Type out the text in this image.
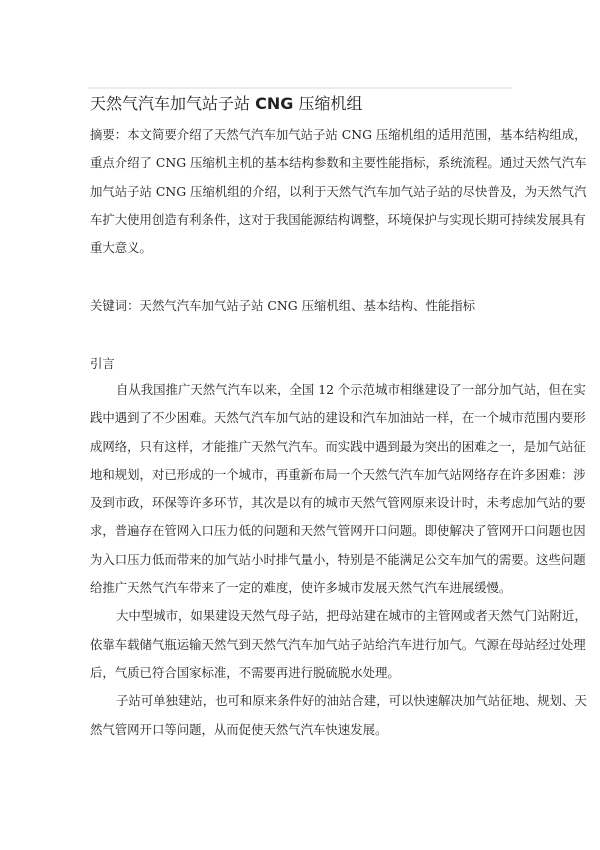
天然气汽车加气站子站 CNG 压缩机组
摘要：本文简要介绍了天然气汽车加气站子站 CNG 压缩机组的适用范围，基本结构组成，
重点介绍了 CNG 压缩机主机的基本结构参数和主要性能指标，系统流程。通过天然气汽车
加气站子站 CNG 压缩机组的介绍，以利于天然气汽车加气站子站的尽快普及，为天然气汽
车扩大使用创造有利条件，这对于我国能源结构调整，环境保护与实现长期可持续发展具有
重大意义。
关键词：天然气汽车加气站子站 CNG 压缩机组、基本结构、性能指标
引言
自从我国推广天然气汽车以来，全国 12 个示范城市相继建设了一部分加气站，但在实
践中遇到了不少困难。天然气汽车加气站的建设和汽车加油站一样，在一个城市范围内要形
成网络，只有这样，才能推广天然气汽车。而实践中遇到最为突出的困难之一，是加气站征
地和规划，对已形成的一个城市，再重新布局一个天然气汽车加气站网络存在许多困难：涉
及到市政，环保等许多环节，其次是以有的城市天然气管网原来设计时，未考虑加气站的要
求，普遍存在管网入口压力低的问题和天然气管网开口问题。即使解决了管网开口问题也因
为入口压力低而带来的加气站小时排气量小，特别是不能满足公交车加气的需要。这些问题
给推广天然气汽车带来了一定的难度，使许多城市发展天然气汽车进展缓慢。
大中型城市，如果建设天然气母子站，把母站建在城市的主管网或者天然气门站附近，
依靠车载储气瓶运输天然气到天然气汽车加气站子站给汽车进行加气。气源在母站经过处理
后，气质已符合国家标准，不需要再进行脱硫脱水处理。
子站可单独建站，也可和原来条件好的油站合建，可以快速解决加气站征地、规划、天
然气管网开口等问题，从而促使天然气汽车快速发展。
